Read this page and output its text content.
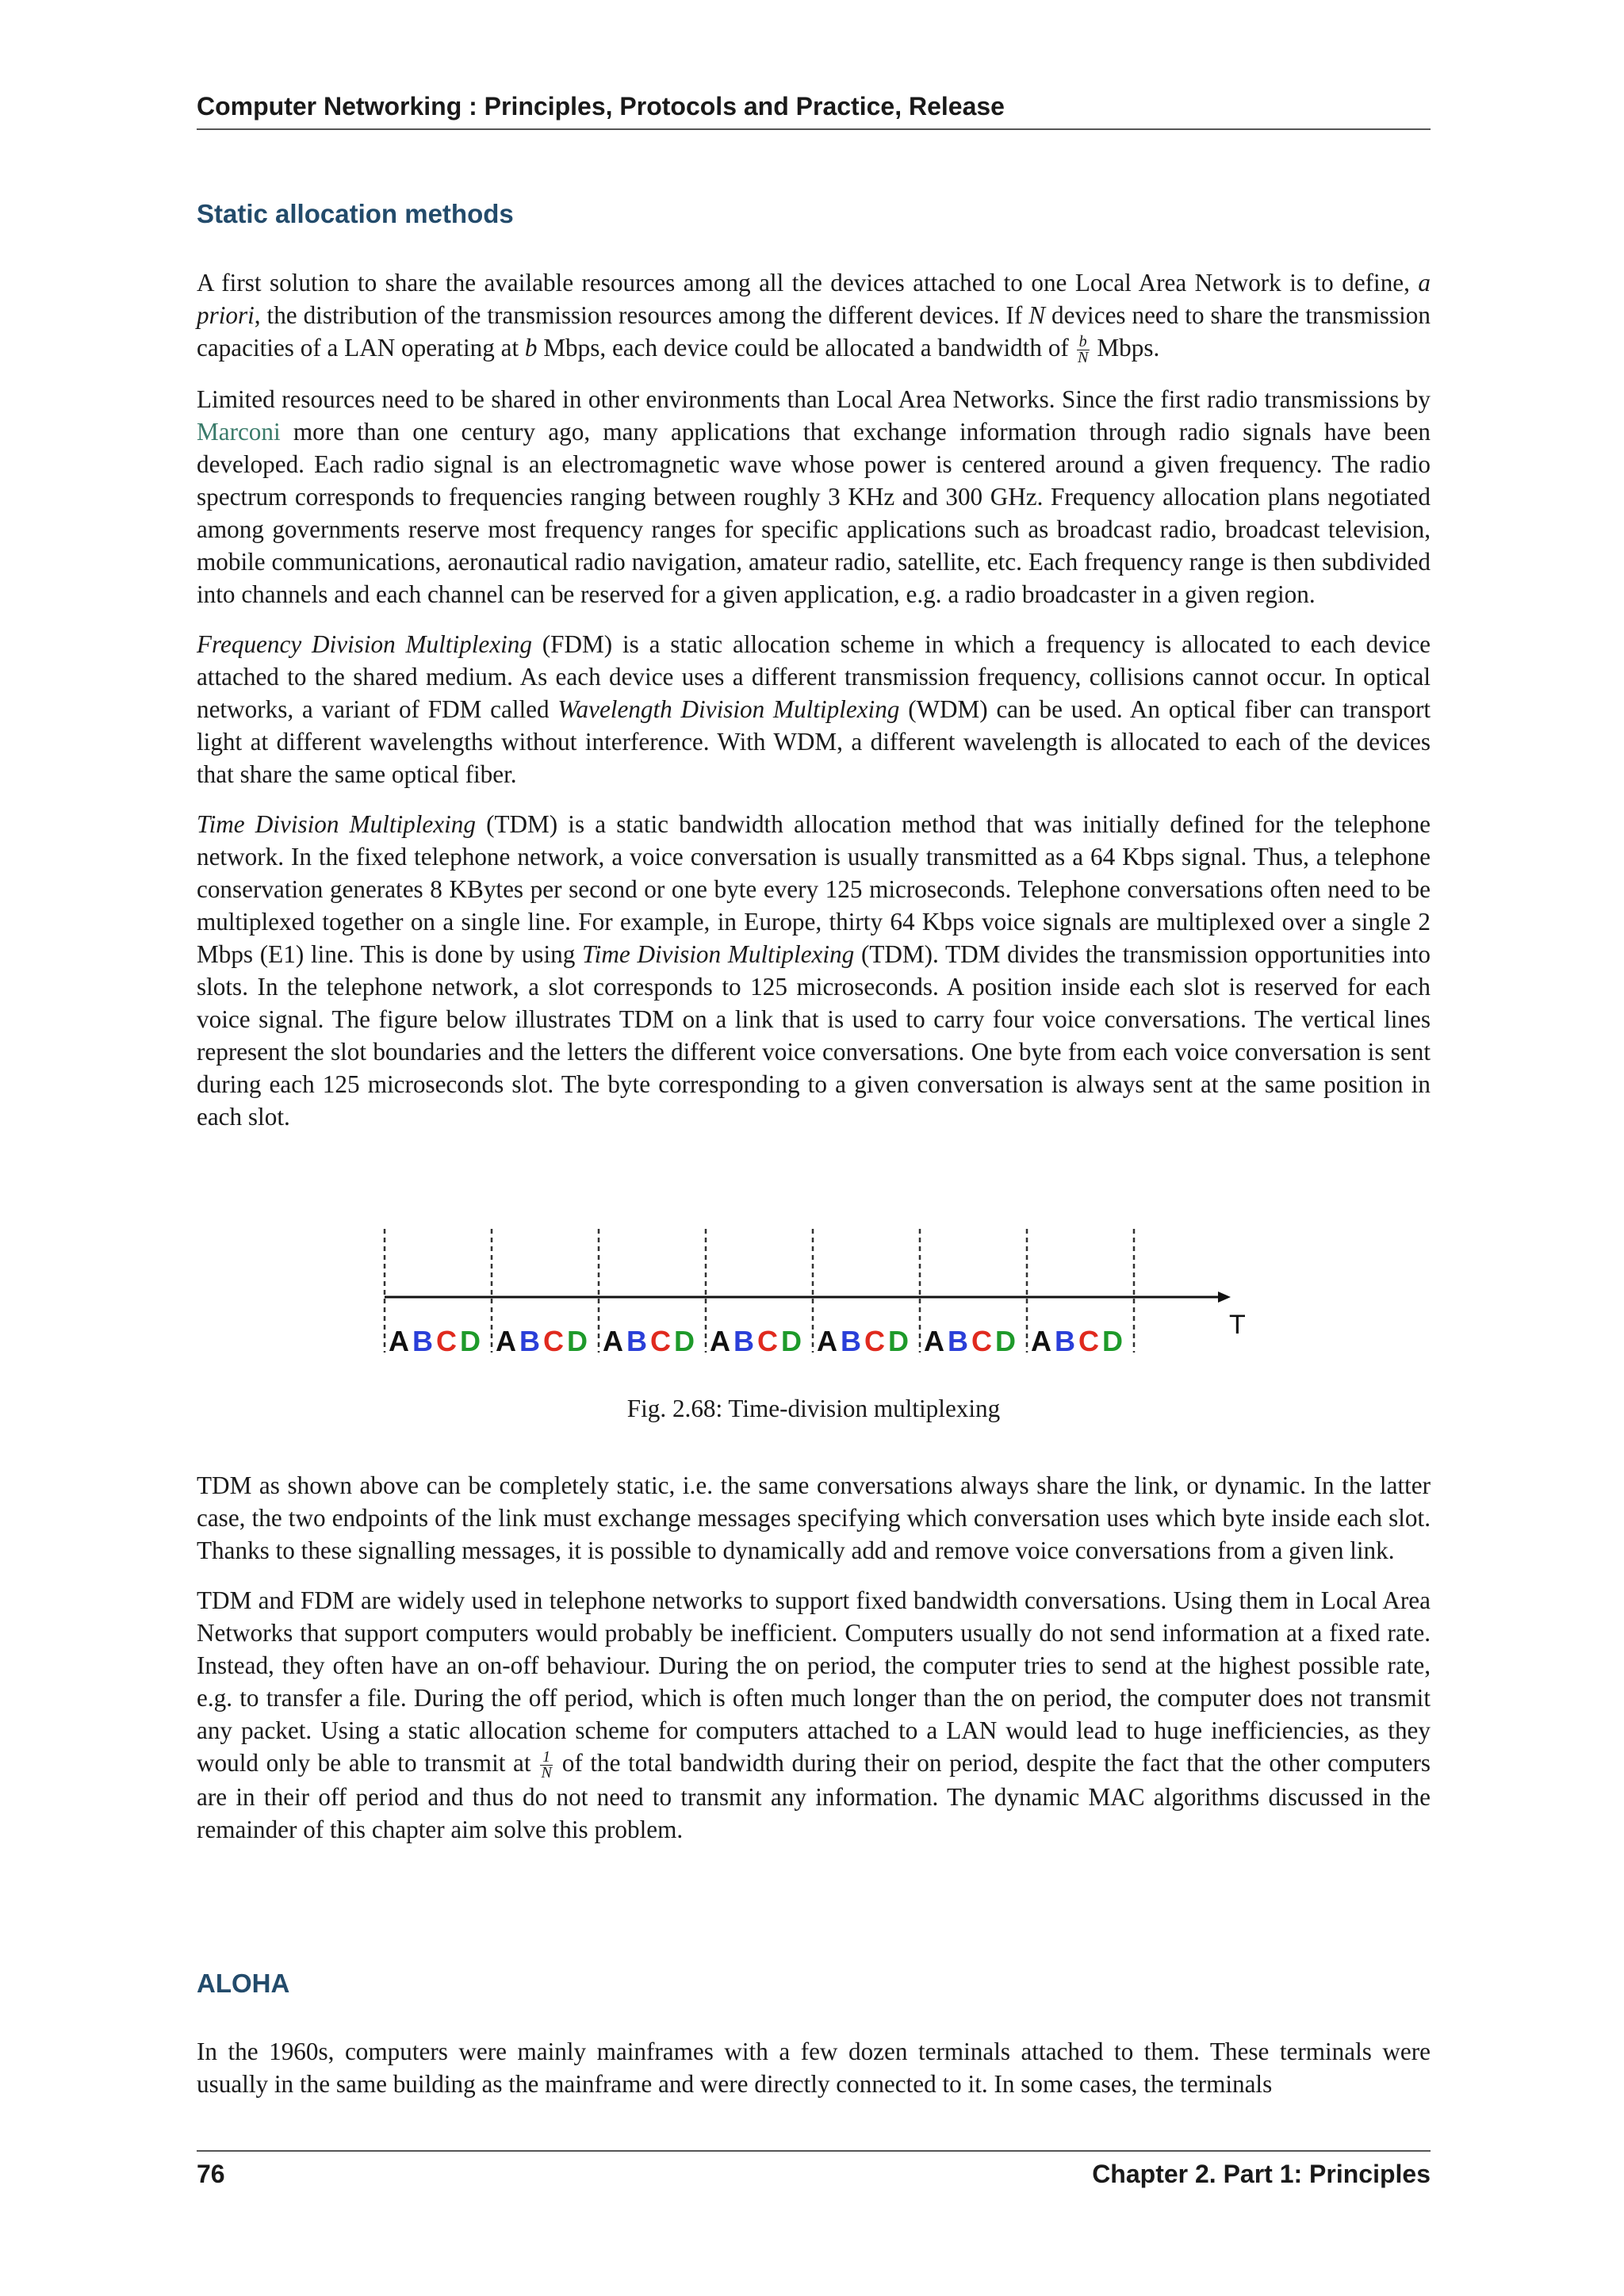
Computer Networking : Principles, Protocols and Practice, Release
Static allocation methods

A first solution to share the available resources among all the devices attached to one Local Area Network is to define, a priori, the distribution of the transmission resources among the different devices. If N devices need to share the transmission capacities of a LAN operating at b Mbps, each device could be allocated a bandwidth of $\frac{b}{N}$ Mbps.

Limited resources need to be shared in other environments than Local Area Networks. Since the first radio transmissions by Marconi more than one century ago, many applications that exchange information through radio signals have been developed. Each radio signal is an electromagnetic wave whose power is centered around a given frequency. The radio spectrum corresponds to frequencies ranging between roughly 3 KHz and 300 GHz. Frequency allocation plans negotiated among governments reserve most frequency ranges for specific applications such as broadcast radio, broadcast television, mobile communications, aeronautical radio navigation, amateur radio, satellite, etc. Each frequency range is then subdivided into channels and each channel can be reserved for a given application, e.g. a radio broadcaster in a given region.

Frequency Division Multiplexing (FDM) is a static allocation scheme in which a frequency is allocated to each device attached to the shared medium. As each device uses a different transmission frequency, collisions cannot occur. In optical networks, a variant of FDM called Wavelength Division Multiplexing (WDM) can be used. An optical fiber can transport light at different wavelengths without interference. With WDM, a different wavelength is allocated to each of the devices that share the same optical fiber.

Time Division Multiplexing (TDM) is a static bandwidth allocation method that was initially defined for the telephone network. In the fixed telephone network, a voice conversation is usually transmitted as a 64 Kbps signal. Thus, a telephone conservation generates 8 KBytes per second or one byte every 125 microseconds. Telephone conversations often need to be multiplexed together on a single line. For example, in Europe, thirty 64 Kbps voice signals are multiplexed over a single 2 Mbps (E1) line. This is done by using Time Division Multiplexing (TDM). TDM divides the transmission opportunities into slots. In the telephone network, a slot corresponds to 125 microseconds. A position inside each slot is reserved for each voice signal. The figure below illustrates TDM on a link that is used to carry four voice conversations. The vertical lines represent the slot boundaries and the letters the different voice conversations. One byte from each voice conversation is sent during each 125 microseconds slot. The byte corresponding to a given conversation is always sent at the same position in each slot.

T
A B C D A B C D A B C D A B C D A B C D A B C D A B C D
Fig. 2.68: Time-division multiplexing

TDM as shown above can be completely static, i.e. the same conversations always share the link, or dynamic. In the latter case, the two endpoints of the link must exchange messages specifying which conversation uses which byte inside each slot. Thanks to these signalling messages, it is possible to dynamically add and remove voice conversations from a given link.

TDM and FDM are widely used in telephone networks to support fixed bandwidth conversations. Using them in Local Area Networks that support computers would probably be inefficient. Computers usually do not send information at a fixed rate. Instead, they often have an on-off behaviour. During the on period, the computer tries to send at the highest possible rate, e.g. to transfer a file. During the off period, which is often much longer than the on period, the computer does not transmit any packet. Using a static allocation scheme for computers attached to a LAN would lead to huge inefficiencies, as they would only be able to transmit at $\frac{1}{N}$ of the total bandwidth during their on period, despite the fact that the other computers are in their off period and thus do not need to transmit any information. The dynamic MAC algorithms discussed in the remainder of this chapter aim solve this problem.

ALOHA

In the 1960s, computers were mainly mainframes with a few dozen terminals attached to them. These terminals were usually in the same building as the mainframe and were directly connected to it. In some cases, the terminals

76	Chapter 2. Part 1: Principles
